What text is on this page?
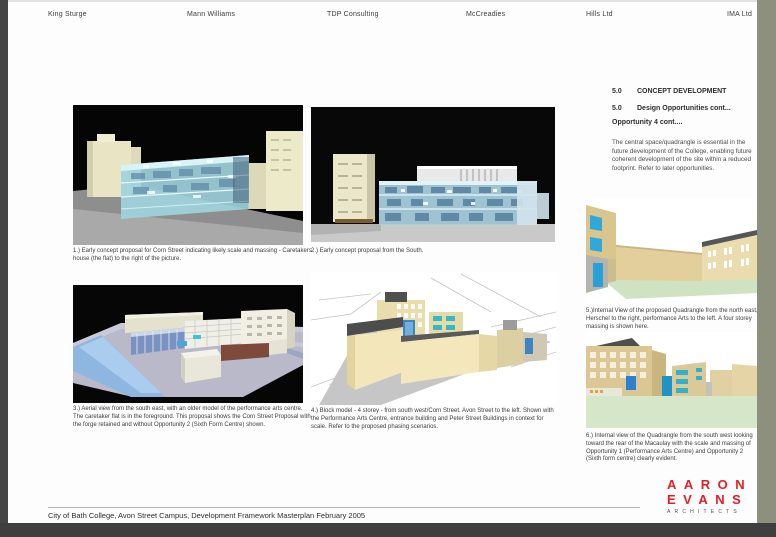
King Sturge	Mann Williams	TDP Consulting	McCreadies	Hills Ltd	IMA Ltd
1.) Early concept proposal for Corn Street indicating likely scale and massing - Caretakers house (the flat) to the right of the picture.
2.) Early concept proposal from the South.
3.) Aerial view from the south east, with an older model of the performance arts centre. The caretaker flat is in the foreground. This proposal shows the Corn Street Proposal with the forge retained and without Opportunity 2 (Sixth Form Centre) shown.
4.) Block model - 4 storey - from south west/Corn Street. Avon Street to the left. Shown with the Performance Arts Centre, entrance building and Peter Street Buildings in context for scale. Refer to the proposed phasing scenarios.
5.0 CONCEPT DEVELOPMENT
5.0 Design Opportunities cont...
Opportunity 4 cont....
The central space/quadrangle is essential in the future development of the College, enabling future coherent development of the site within a reduced footprint. Refer to later opportunities.
5.)Internal View of the proposed Quadrangle from the north east, Herschel to the right, performance Arts to the left. A four storey massing is shown here.
6.) Internal view of the Quadrangle from the south west looking toward the rear of the Macaulay with the scale and massing of Opportunity 1 (Performance Arts Centre) and Opportunity 2 (Sixth form centre) clearly evident.
City of Bath College, Avon Street Campus, Development Framework Masterplan February 2005
AARON
EVANS
ARCHITECTS
